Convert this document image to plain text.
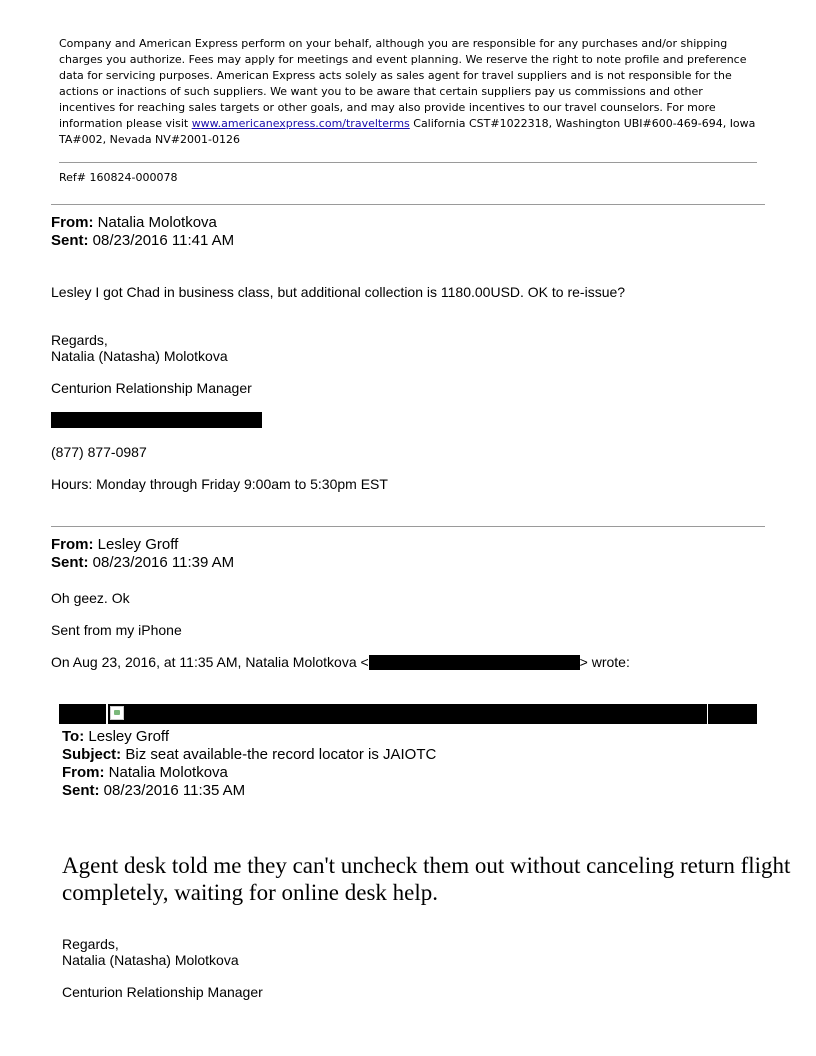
Company and American Express perform on your behalf, although you are responsible for any purchases and/or shipping charges you authorize. Fees may apply for meetings and event planning. We reserve the right to note profile and preference data for servicing purposes. American Express acts solely as sales agent for travel suppliers and is not responsible for the actions or inactions of such suppliers. We want you to be aware that certain suppliers pay us commissions and other incentives for reaching sales targets or other goals, and may also provide incentives to our travel counselors. For more information please visit www.americanexpress.com/travelterms California CST#1022318, Washington UBI#600-469-694, Iowa TA#002, Nevada NV#2001-0126
Ref# 160824-000078
From: Natalia Molotkova
Sent: 08/23/2016 11:41 AM
Lesley I got Chad in business class, but additional collection is 1180.00USD. OK to re-issue?
Regards,
Natalia (Natasha) Molotkova
Centurion Relationship Manager
(877) 877-0987
Hours: Monday through Friday 9:00am to 5:30pm EST
From: Lesley Groff
Sent: 08/23/2016 11:39 AM
Oh geez. Ok
Sent from my iPhone
On Aug 23, 2016, at 11:35 AM, Natalia Molotkova <	> wrote:
To: Lesley Groff
Subject: Biz seat available-the record locator is JAIOTC
From: Natalia Molotkova
Sent: 08/23/2016 11:35 AM
Agent desk told me they can't uncheck them out without canceling return flight completely, waiting for online desk help.
Regards,
Natalia (Natasha) Molotkova
Centurion Relationship Manager
